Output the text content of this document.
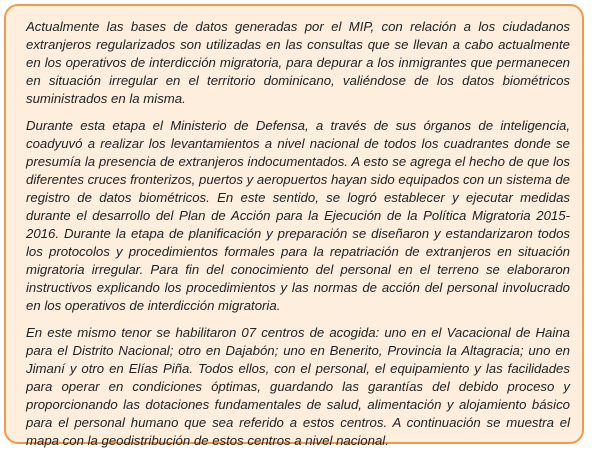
Actualmente las bases de datos generadas por el MIP, con relación a los ciudadanos extranjeros regularizados son utilizadas en las consultas que se llevan a cabo actualmente en los operativos de interdicción migratoria, para depurar a los inmigrantes que permanecen en situación irregular en el territorio dominicano, valiéndose de los datos biométricos suministrados en la misma.

Durante esta etapa el Ministerio de Defensa, a través de sus órganos de inteligencia, coadyuvó a realizar los levantamientos a nivel nacional de todos los cuadrantes donde se presumía la presencia de extranjeros indocumentados. A esto se agrega el hecho de que los diferentes cruces fronterizos, puertos y aeropuertos hayan sido equipados con un sistema de registro de datos biométricos. En este sentido, se logró establecer y ejecutar medidas durante el desarrollo del Plan de Acción para la Ejecución de la Política Migratoria 2015-2016. Durante la etapa de planificación y preparación se diseñaron y estandarizaron todos los protocolos y procedimientos formales para la repatriación de extranjeros en situación migratoria irregular. Para fin del conocimiento del personal en el terreno se elaboraron instructivos explicando los procedimientos y las normas de acción del personal involucrado en los operativos de interdicción migratoria.

En este mismo tenor se habilitaron 07 centros de acogida: uno en el Vacacional de Haina para el Distrito Nacional; otro en Dajabón; uno en Benerito, Provincia la Altagracia; uno en Jimaní y otro en Elías Piña. Todos ellos, con el personal, el equipamiento y las facilidades para operar en condiciones óptimas, guardando las garantías del debido proceso y proporcionando las dotaciones fundamentales de salud, alimentación y alojamiento básico para el personal humano que sea referido a estos centros. A continuación se muestra el mapa con la geodistribución de estos centros a nivel nacional.
